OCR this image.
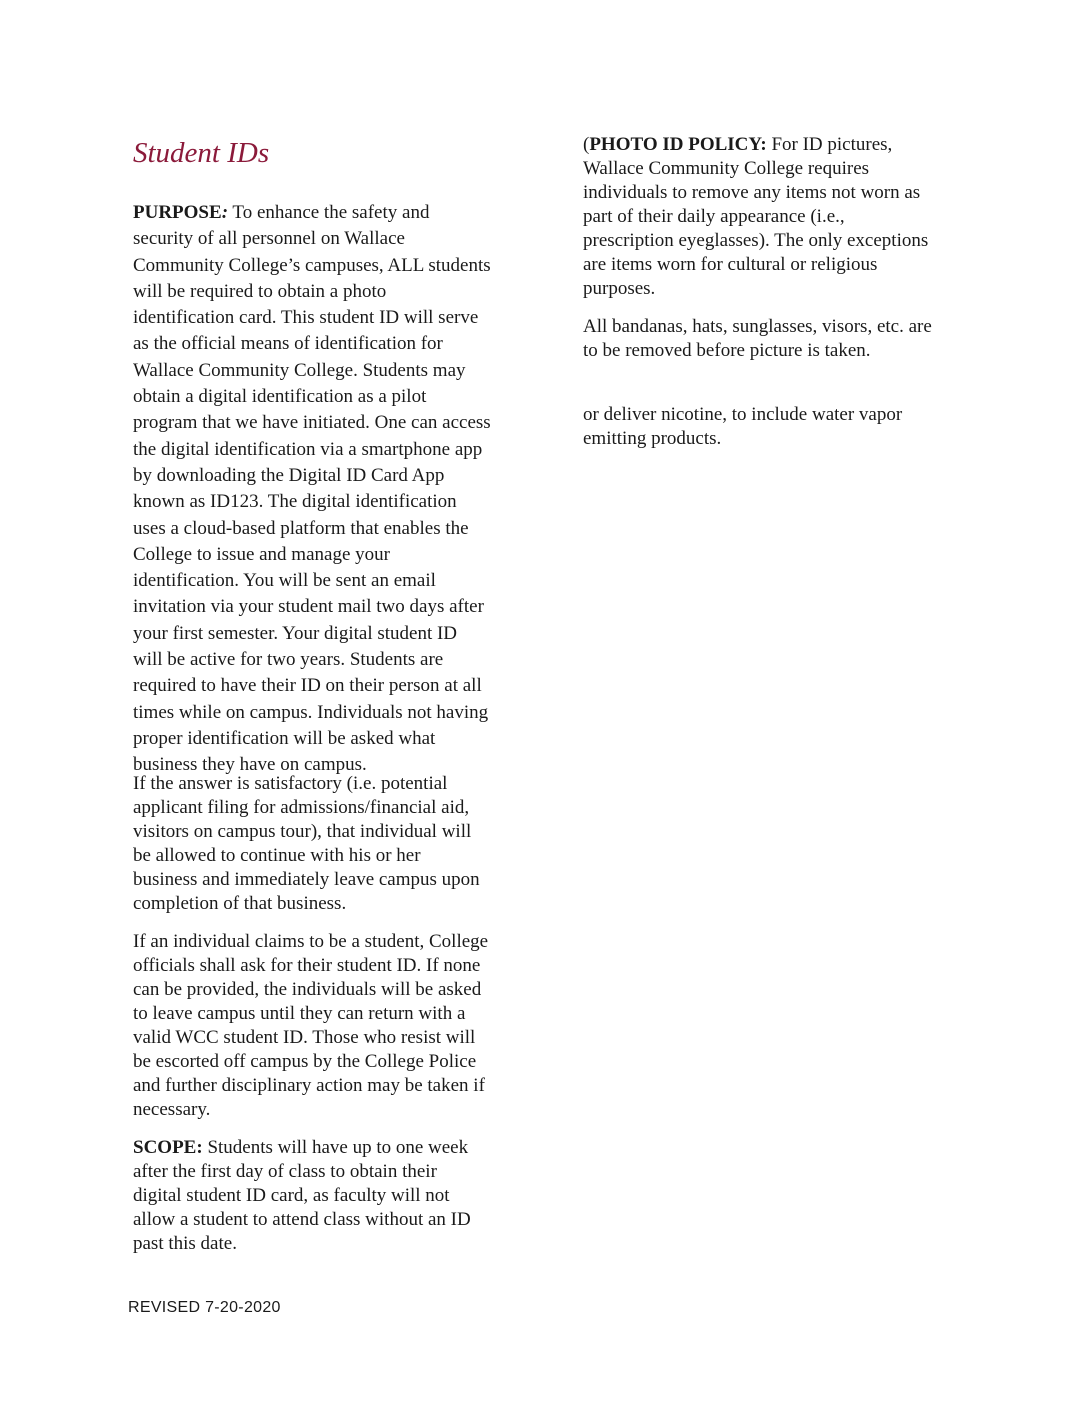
Student IDs
PURPOSE: To enhance the safety and
security of all personnel on Wallace
Community College’s campuses, ALL students
will be required to obtain a photo
identification card. This student ID will serve
as the official means of identification for
Wallace Community College. Students may
obtain a digital identification as a pilot
program that we have initiated. One can access
the digital identification via a smartphone app
by downloading the Digital ID Card App
known as ID123. The digital identification
uses a cloud-based platform that enables the
College to issue and manage your
identification. You will be sent an email
invitation via your student mail two days after
your first semester. Your digital student ID
will be active for two years. Students are
required to have their ID on their person at all
times while on campus. Individuals not having
proper identification will be asked what
business they have on campus.
If the answer is satisfactory (i.e. potential
applicant filing for admissions/financial aid,
visitors on campus tour), that individual will
be allowed to continue with his or her
business and immediately leave campus upon
completion of that business.
If an individual claims to be a student, College
officials shall ask for their student ID. If none
can be provided, the individuals will be asked
to leave campus until they can return with a
valid WCC student ID. Those who resist will
be escorted off campus by the College Police
and further disciplinary action may be taken if
necessary.
SCOPE: Students will have up to one week
after the first day of class to obtain their
digital student ID card, as faculty will not
allow a student to attend class without an ID
past this date.
(PHOTO ID POLICY: For ID pictures,
Wallace Community College requires
individuals to remove any items not worn as
part of their daily appearance (i.e.,
prescription eyeglasses). The only exceptions
are items worn for cultural or religious
purposes.
All bandanas, hats, sunglasses, visors, etc. are
to be removed before picture is taken.
or deliver nicotine, to include water vapor
emitting products.
REVISED 7-20-2020
